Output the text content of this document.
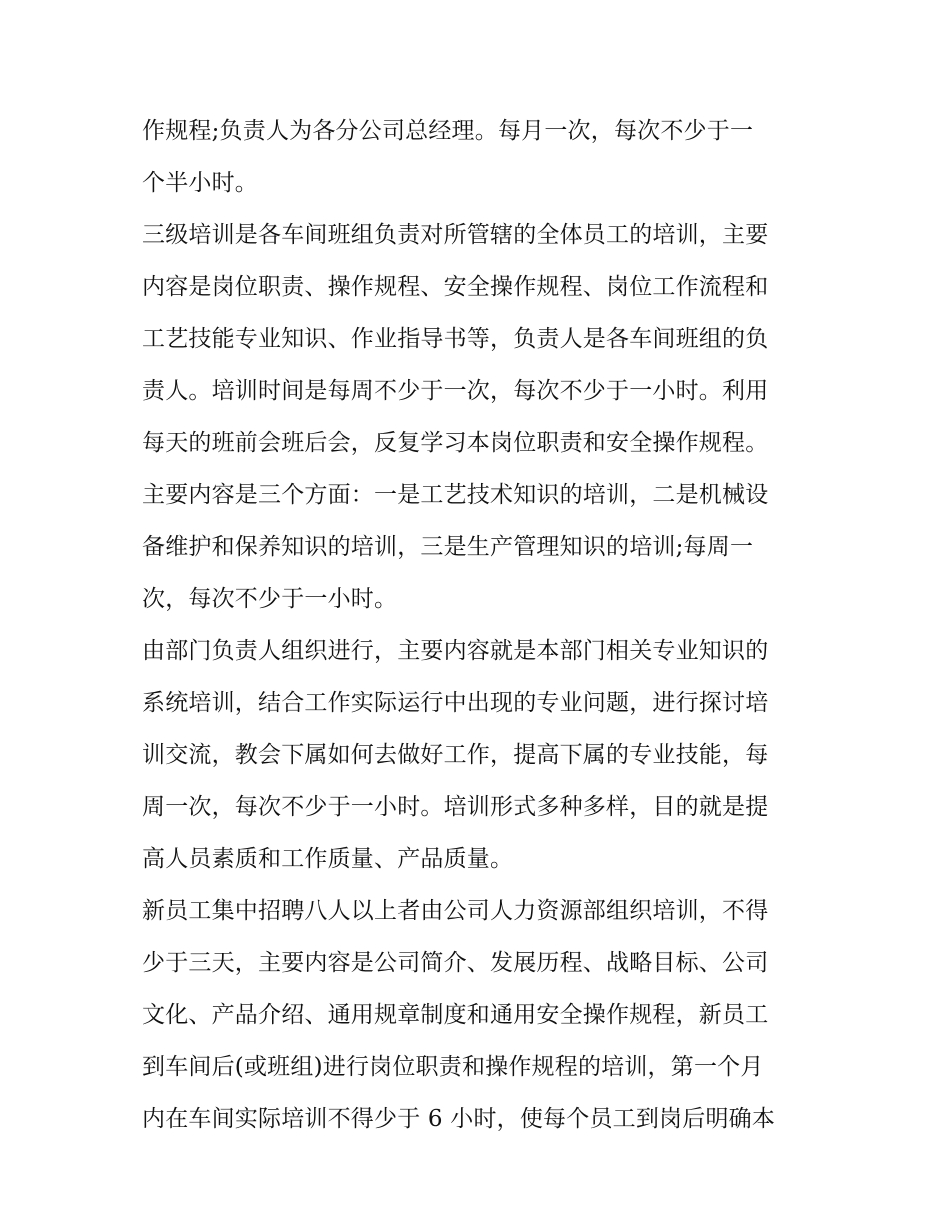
作规程;负责人为各分公司总经理。每月一次，每次不少于一
个半小时。
三级培训是各车间班组负责对所管辖的全体员工的培训，主要
内容是岗位职责、操作规程、安全操作规程、岗位工作流程和
工艺技能专业知识、作业指导书等，负责人是各车间班组的负
责人。培训时间是每周不少于一次，每次不少于一小时。利用
每天的班前会班后会，反复学习本岗位职责和安全操作规程。
主要内容是三个方面：一是工艺技术知识的培训，二是机械设
备维护和保养知识的培训，三是生产管理知识的培训;每周一
次，每次不少于一小时。
由部门负责人组织进行，主要内容就是本部门相关专业知识的
系统培训，结合工作实际运行中出现的专业问题，进行探讨培
训交流，教会下属如何去做好工作，提高下属的专业技能，每
周一次，每次不少于一小时。培训形式多种多样，目的就是提
高人员素质和工作质量、产品质量。
新员工集中招聘八人以上者由公司人力资源部组织培训，不得
少于三天，主要内容是公司简介、发展历程、战略目标、公司
文化、产品介绍、通用规章制度和通用安全操作规程，新员工
到车间后(或班组)进行岗位职责和操作规程的培训，第一个月
内在车间实际培训不得少于 6 小时，使每个员工到岗后明确本
